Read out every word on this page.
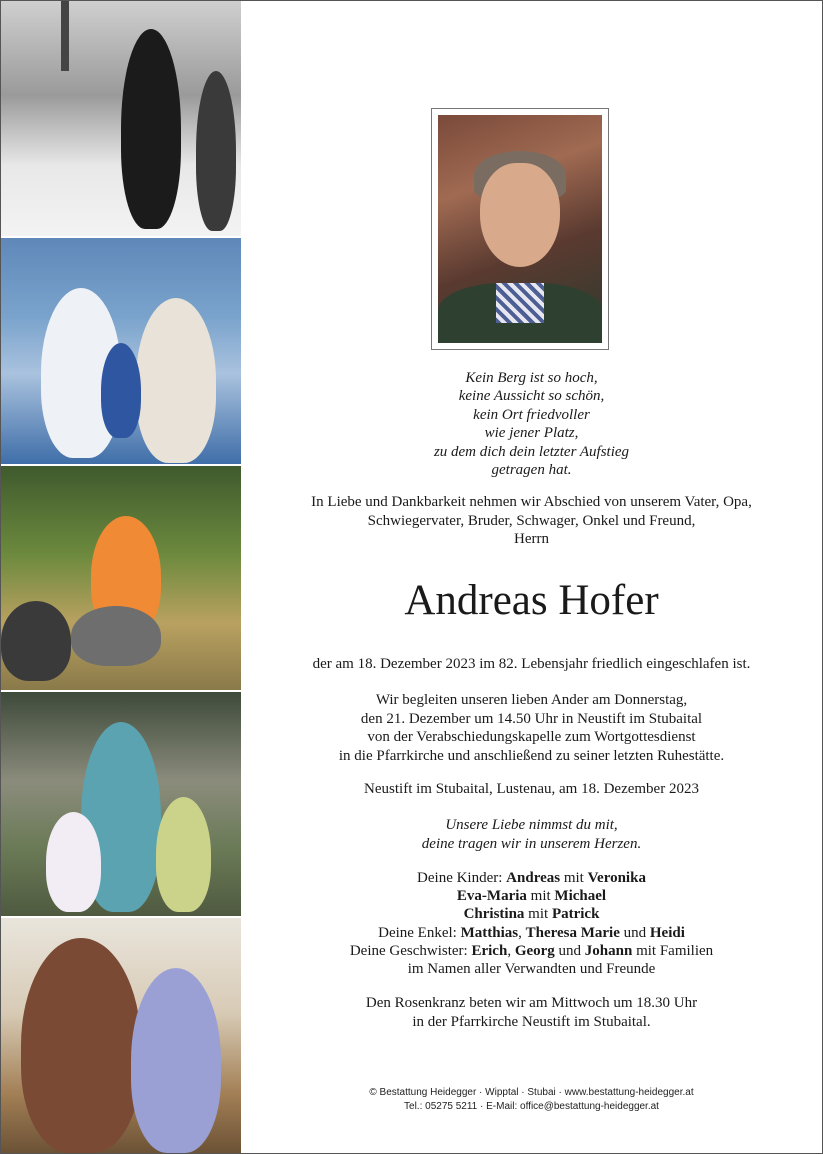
Kein Berg ist so hoch,
keine Aussicht so schön,
kein Ort friedvoller
wie jener Platz,
zu dem dich dein letzter Aufstieg
getragen hat.
In Liebe und Dankbarkeit nehmen wir Abschied von unserem Vater, Opa,
Schwiegervater, Bruder, Schwager, Onkel und Freund,
Herrn
Andreas Hofer
der am 18. Dezember 2023 im 82. Lebensjahr friedlich eingeschlafen ist.
Wir begleiten unseren lieben Ander am Donnerstag,
den 21. Dezember um 14.50 Uhr in Neustift im Stubaital
von der Verabschiedungskapelle zum Wortgottesdienst
in die Pfarrkirche und anschließend zu seiner letzten Ruhestätte.
Neustift im Stubaital, Lustenau, am 18. Dezember 2023
Unsere Liebe nimmst du mit,
deine tragen wir in unserem Herzen.
Deine Kinder: Andreas mit Veronika
Eva-Maria mit Michael
Christina mit Patrick
Deine Enkel: Matthias, Theresa Marie und Heidi
Deine Geschwister: Erich, Georg und Johann mit Familien
im Namen aller Verwandten und Freunde
Den Rosenkranz beten wir am Mittwoch um 18.30 Uhr
in der Pfarrkirche Neustift im Stubaital.
© Bestattung Heidegger · Wipptal · Stubai · www.bestattung-heidegger.at
Tel.: 05275 5211 · E-Mail: office@bestattung-heidegger.at
